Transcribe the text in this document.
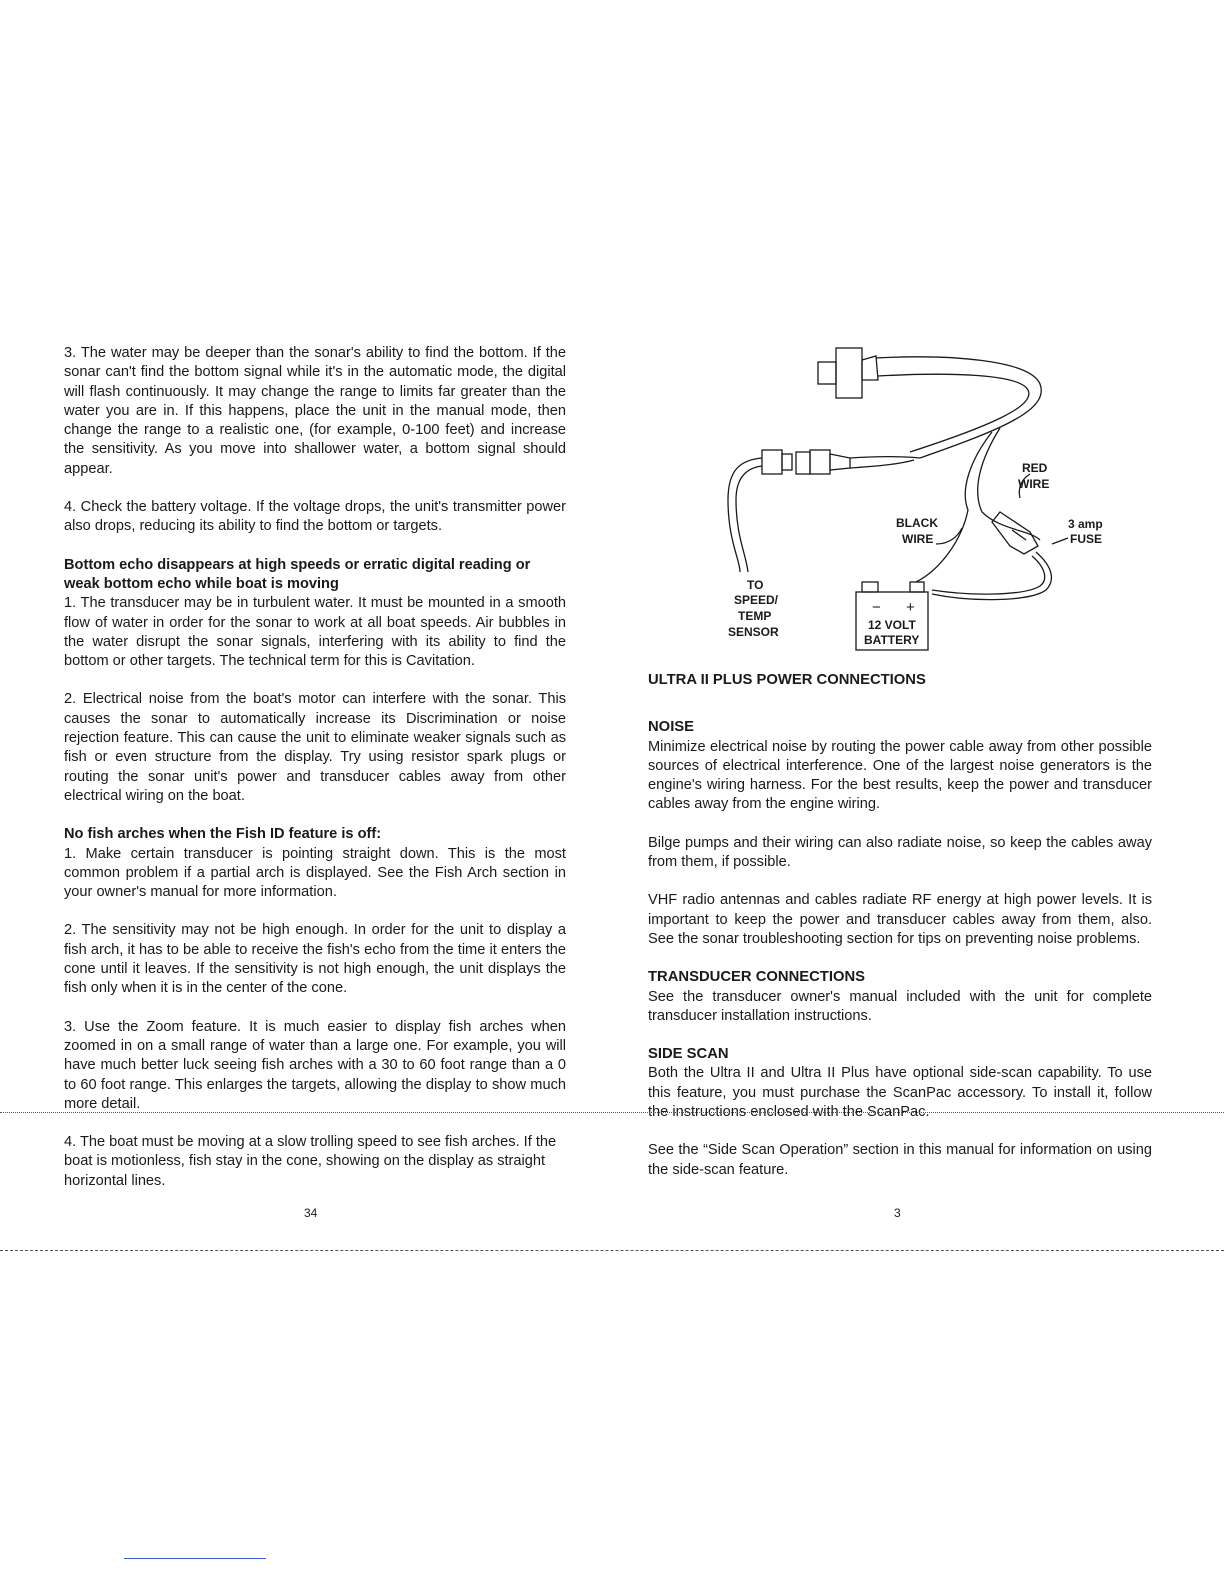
3. The water may be deeper than the sonar's ability to find the bottom. If the sonar can't find the bottom signal while it's in the automatic mode, the digital will flash continuously. It may change the range to limits far greater than the water you are in. If this happens, place the unit in the manual mode, then change the range to a realistic one, (for example, 0-100 feet) and increase the sensitivity. As you move into shallower water, a bottom signal should appear.

4. Check the battery voltage. If the voltage drops, the unit's transmitter power also drops, reducing its ability to find the bottom or targets.

Bottom echo disappears at high speeds or erratic digital reading or weak bottom echo while boat is moving

1. The transducer may be in turbulent water. It must be mounted in a smooth flow of water in order for the sonar to work at all boat speeds. Air bubbles in the water disrupt the sonar signals, interfering with its ability to find the bottom or other targets. The technical term for this is Cavitation.

2. Electrical noise from the boat's motor can interfere with the sonar. This causes the sonar to automatically increase its Discrimination or noise rejection feature. This can cause the unit to eliminate weaker signals such as fish or even structure from the display. Try using resistor spark plugs or routing the sonar unit's power and transducer cables away from other electrical wiring on the boat.

No fish arches when the Fish ID feature is off:

1. Make certain transducer is pointing straight down. This is the most common problem if a partial arch is displayed. See the Fish Arch section in your owner's manual for more information.

2. The sensitivity may not be high enough. In order for the unit to display a fish arch, it has to be able to receive the fish's echo from the time it enters the cone until it leaves. If the sensitivity is not high enough, the unit displays the fish only when it is in the center of the cone.

3. Use the Zoom feature. It is much easier to display fish arches when zoomed in on a small range of water than a large one. For example, you will have much better luck seeing fish arches with a 30 to 60 foot range than a 0 to 60 foot range. This enlarges the targets, allowing the display to show much more detail.

4. The boat must be moving at a slow trolling speed to see fish arches. If the boat is motionless, fish stay in the cone, showing on the display as straight horizontal lines.

34
RED
WIRE
3 amp
FUSE
BLACK
WIRE
TO
SPEED/
TEMP
SENSOR
− +
12 VOLT
BATTERY

ULTRA II PLUS POWER CONNECTIONS

NOISE

Minimize electrical noise by routing the power cable away from other possible sources of electrical interference. One of the largest noise generators is the engine's wiring harness. For the best results, keep the power and transducer cables away from the engine wiring.

Bilge pumps and their wiring can also radiate noise, so keep the cables away from them, if possible.

VHF radio antennas and cables radiate RF energy at high power levels. It is important to keep the power and transducer cables away from them, also. See the sonar troubleshooting section for tips on preventing noise problems.

TRANSDUCER CONNECTIONS

See the transducer owner's manual included with the unit for complete transducer installation instructions.

SIDE SCAN

Both the Ultra II and Ultra II Plus have optional side-scan capability. To use this feature, you must purchase the ScanPac accessory. To install it, follow the instructions enclosed with the ScanPac.

See the “Side Scan Operation” section in this manual for information on using the side-scan feature.

3
